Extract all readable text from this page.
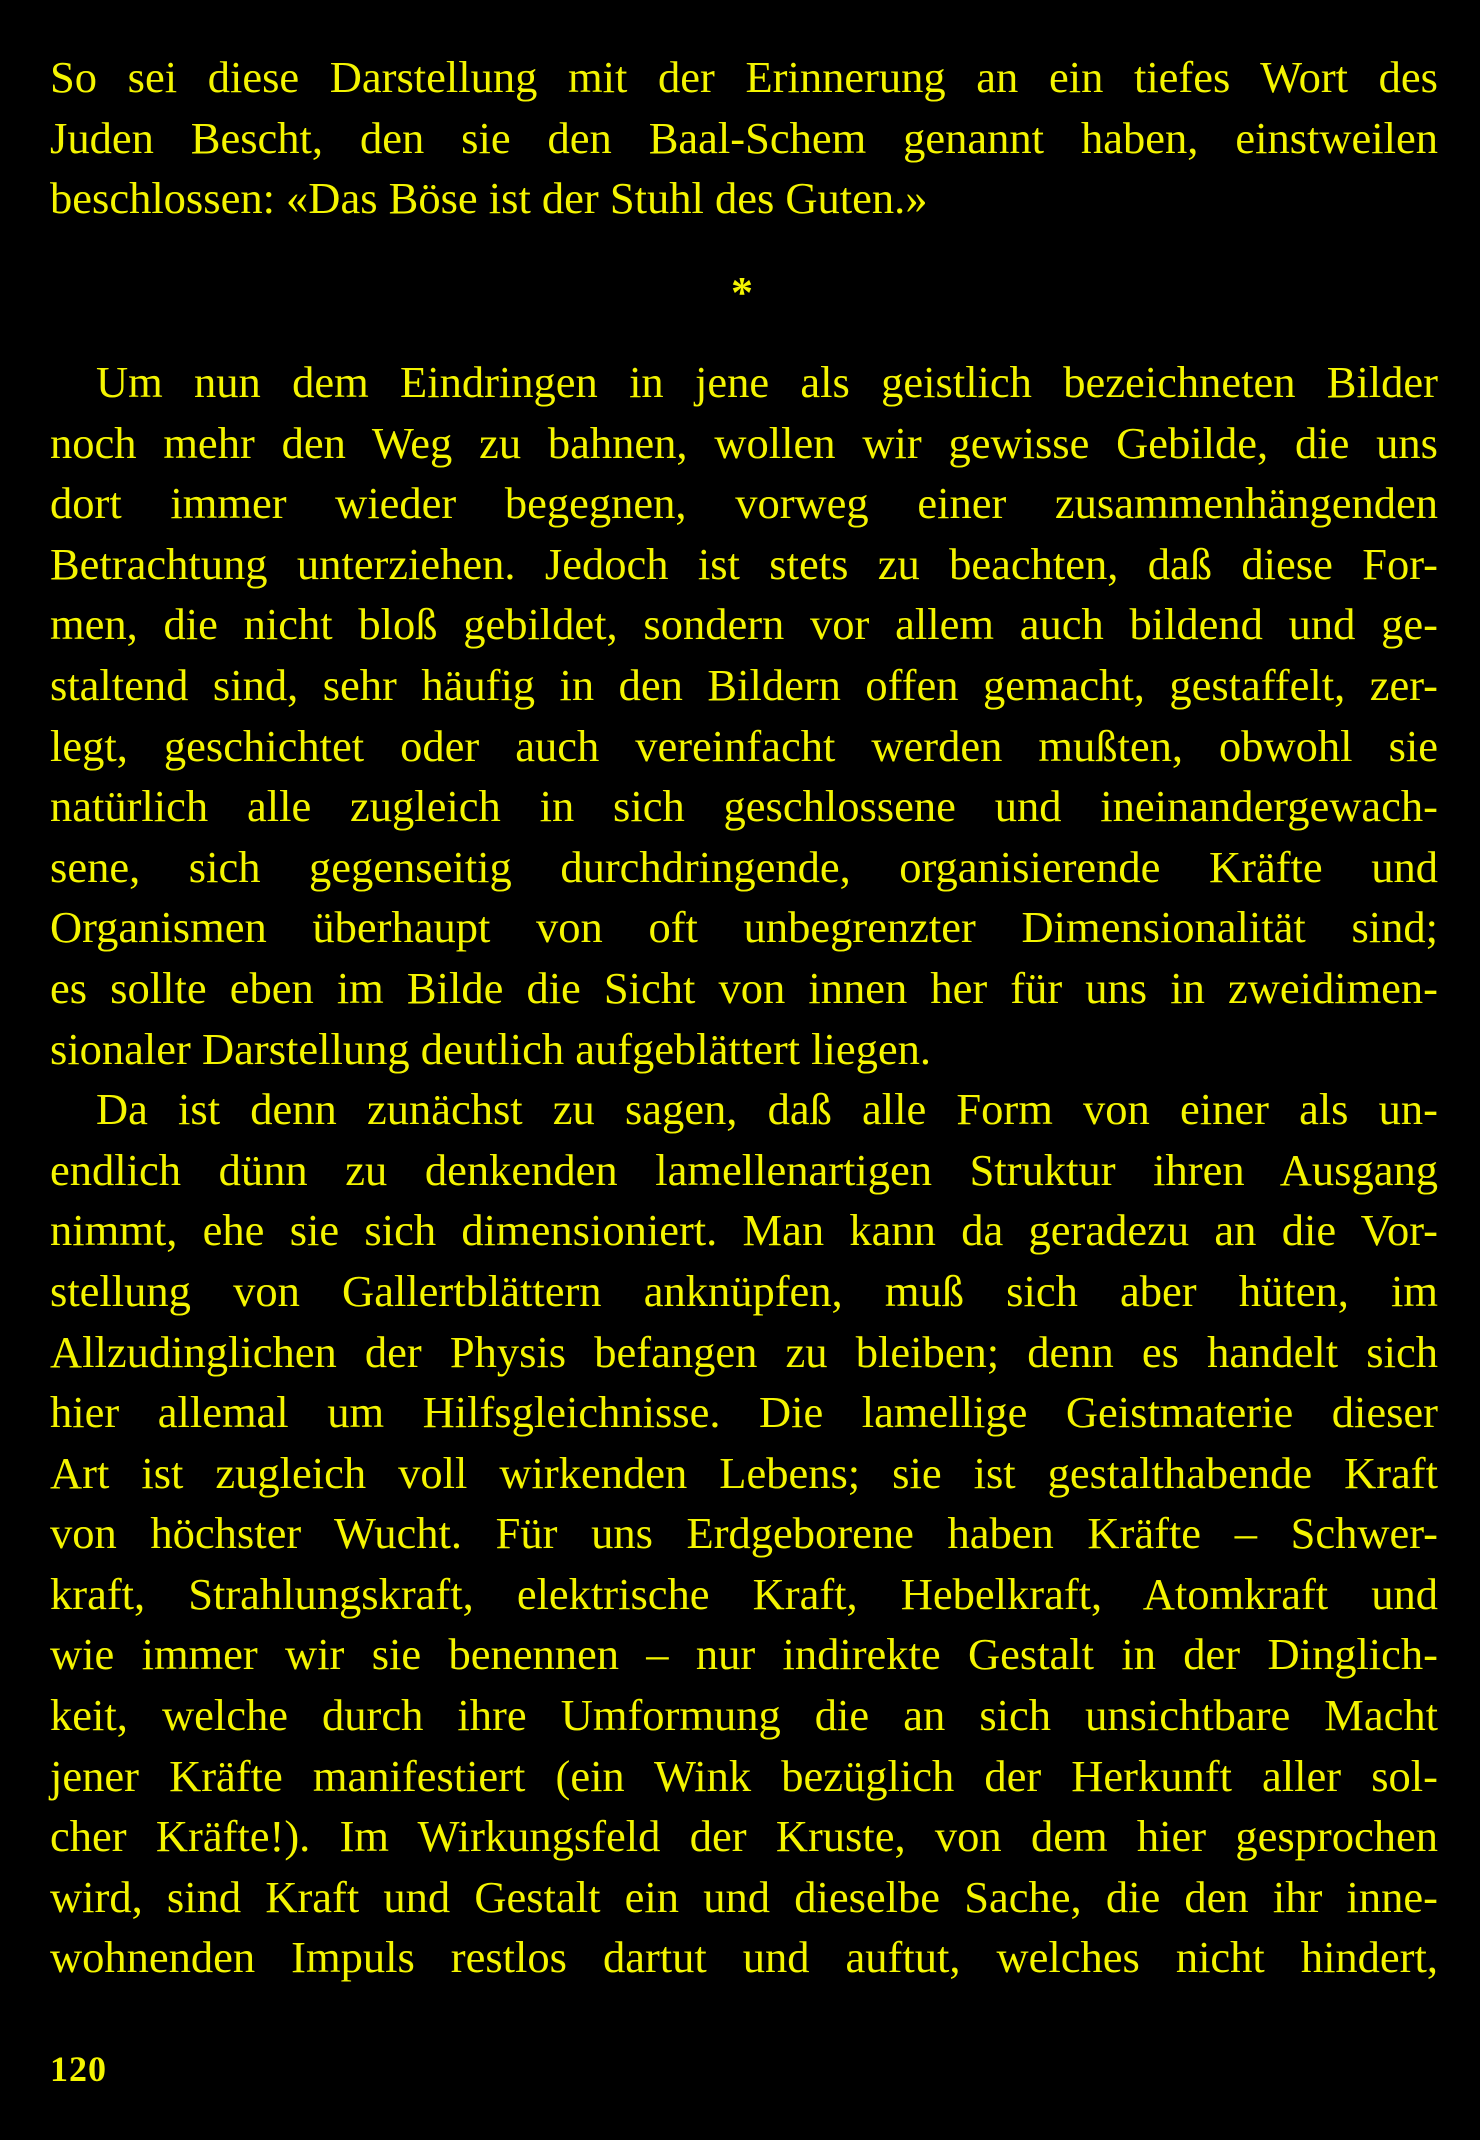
So sei diese Darstellung mit der Erinnerung an ein tiefes Wort des
Juden Bescht, den sie den Baal-Schem genannt haben, einstweilen
beschlossen: «Das Böse ist der Stuhl des Guten.»
*
Um nun dem Eindringen in jene als geistlich bezeichneten Bilder
noch mehr den Weg zu bahnen, wollen wir gewisse Gebilde, die uns
dort immer wieder begegnen, vorweg einer zusammenhängenden
Betrachtung unterziehen. Jedoch ist stets zu beachten, daß diese For-
men, die nicht bloß gebildet, sondern vor allem auch bildend und ge-
staltend sind, sehr häufig in den Bildern offen gemacht, gestaffelt, zer-
legt, geschichtet oder auch vereinfacht werden mußten, obwohl sie
natürlich alle zugleich in sich geschlossene und ineinandergewach-
sene, sich gegenseitig durchdringende, organisierende Kräfte und
Organismen überhaupt von oft unbegrenzter Dimensionalität sind;
es sollte eben im Bilde die Sicht von innen her für uns in zweidimen-
sionaler Darstellung deutlich aufgeblättert liegen.
Da ist denn zunächst zu sagen, daß alle Form von einer als un-
endlich dünn zu denkenden lamellenartigen Struktur ihren Ausgang
nimmt, ehe sie sich dimensioniert. Man kann da geradezu an die Vor-
stellung von Gallertblättern anknüpfen, muß sich aber hüten, im
Allzudinglichen der Physis befangen zu bleiben; denn es handelt sich
hier allemal um Hilfsgleichnisse. Die lamellige Geistmaterie dieser
Art ist zugleich voll wirkenden Lebens; sie ist gestalthabende Kraft
von höchster Wucht. Für uns Erdgeborene haben Kräfte – Schwer-
kraft, Strahlungskraft, elektrische Kraft, Hebelkraft, Atomkraft und
wie immer wir sie benennen – nur indirekte Gestalt in der Dinglich-
keit, welche durch ihre Umformung die an sich unsichtbare Macht
jener Kräfte manifestiert (ein Wink bezüglich der Herkunft aller sol-
cher Kräfte!). Im Wirkungsfeld der Kruste, von dem hier gesprochen
wird, sind Kraft und Gestalt ein und dieselbe Sache, die den ihr inne-
wohnenden Impuls restlos dartut und auftut, welches nicht hindert,
120
